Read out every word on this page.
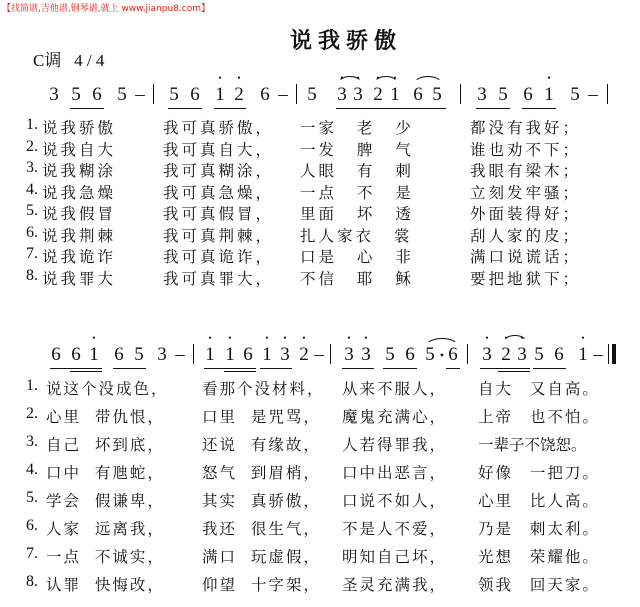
【找简谱,吉他谱,钢琴谱,就上 www.jianpu8.com】
说我骄傲
C调 4 / 4
3 5 6 5 – 5 6 • 1 • 2 6 – 5 • 3 • 3 • 2 • 1 6 5 3 5 6 • 1 5 –
1. 说我骄傲	我可真骄傲， 一家 老 少	都没有我好；
2. 说我自大	我可真自大， 一发 脾 气	谁也劝不下；
3. 说我糊涂	我可真糊涂， 人眼 有 刺	我眼有梁木；
4. 说我急燥	我可真急燥， 一点 不 是	立刻发牢骚；
5. 说我假冒	我可真假冒， 里面 坏 透	外面装得好；
6. 说我荆棘	我可真荆棘， 扎人家衣 裳	刮人家的皮；
7. 说我诡诈	我可真诡诈， 口是 心 非	满口说谎话；
8. 说我罪大	我可真罪大， 不信 耶 稣	要把地狱下；
6 6 • 1 6 5 3 – • 1 • 1 6 • 1 • 3 • 2 – • 3 • 3 5 6 5 • 6 • 3 • 2 • 3 5 6 • 1 –
1. 说这个没成色， 看那个没材料， 从来不服人， 自大 又自高。
2. 心里  带仇恨， 口里  是咒骂， 魔鬼充满心， 上帝 也不怕。
3. 自己  坏到底， 还说  有缘故， 人若得罪我， 一辈子不饶恕。
4. 口中  有虺蛇， 怒气  到眉梢， 口中出恶言， 好像 一把刀。
5. 学会  假谦卑， 其实  真骄傲， 口说不如人， 心里 比人高。
6. 人家  远离我， 我还  很生气， 不是人不爱， 乃是 刺太利。
7. 一点  不诚实， 满口  玩虚假， 明知自己坏， 光想 荣耀他。
8. 认罪  快悔改， 仰望  十字架， 圣灵充满我， 领我 回天家。
